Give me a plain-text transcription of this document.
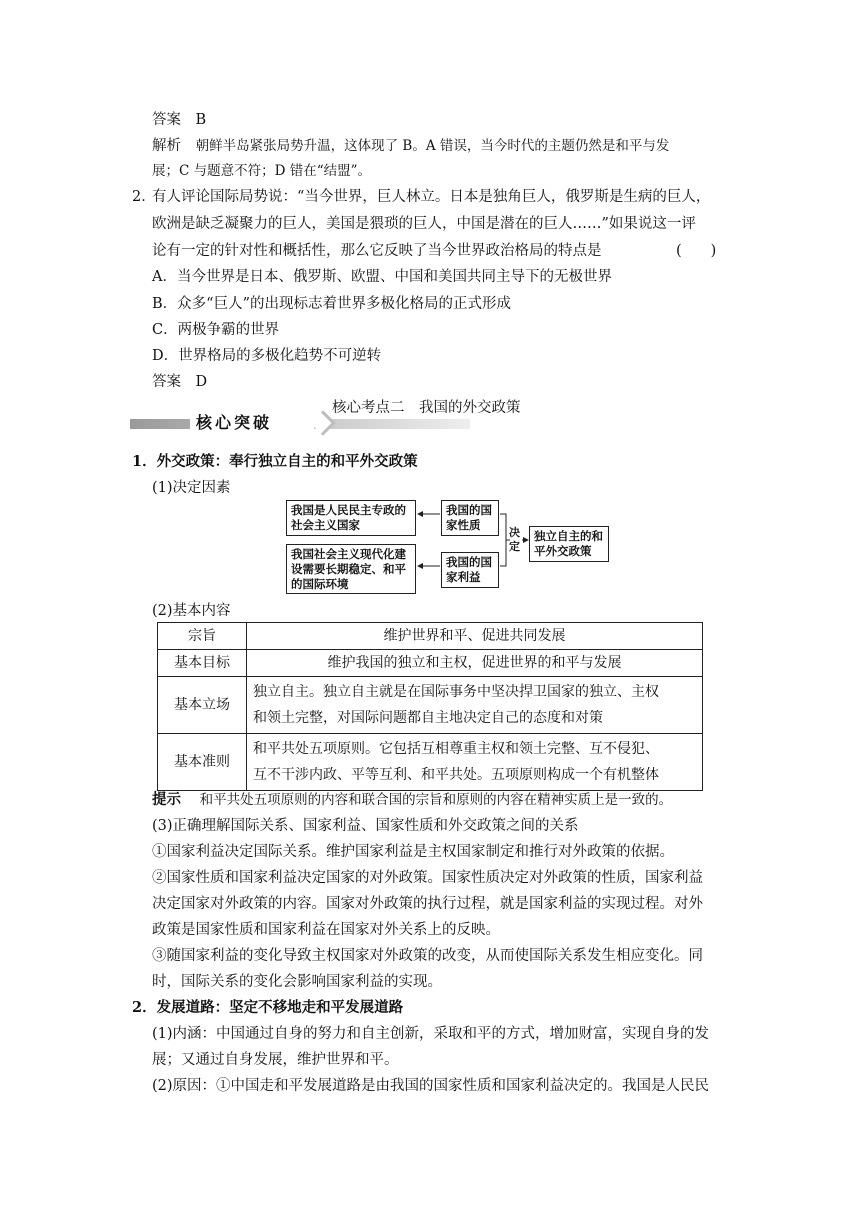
答案　B
解析 朝鲜半岛紧张局势升温，这体现了 B。A 错误，当今时代的主题仍然是和平与发
展；C 与题意不符；D 错在“结盟”。
2．
有人评论国际局势说：“当今世界，巨人林立。日本是独角巨人，俄罗斯是生病的巨人，
欧洲是缺乏凝聚力的巨人，美国是猥琐的巨人，中国是潜在的巨人……”如果说这一评
论有一定的针对性和概括性，那么它反映了当今世界政治格局的特点是	(　　)
A．当今世界是日本、俄罗斯、欧盟、中国和美国共同主导下的无极世界
B．众多“巨人”的出现标志着世界多极化格局的正式形成
C．两极争霸的世界
D．世界格局的多极化趋势不可逆转
答案　D
核心考点二　我国的外交政策
核心突破
1．外交政策：奉行独立自主的和平外交政策
(1)决定因素
我国是人民民主专政的社会主义国家
我国社会主义现代化建设需要长期稳定、和平的国际环境
我国的国家性质
我国的国家利益
决定
独立自主的和平外交政策
(2)基本内容
宗旨	维护世界和平、促进共同发展
基本目标	维护我国的独立和主权，促进世界的和平与发展
基本立场	独立自主。独立自主就是在国际事务中坚决捍卫国家的独立、主权
和领土完整，对国际问题都自主地决定自己的态度和对策

基本准则	和平共处五项原则。它包括互相尊重主权和领土完整、互不侵犯、
互不干涉内政、平等互利、和平共处。五项原则构成一个有机整体
提示 和平共处五项原则的内容和联合国的宗旨和原则的内容在精神实质上是一致的。
(3)正确理解国际关系、国家利益、国家性质和外交政策之间的关系
①国家利益决定国际关系。维护国家利益是主权国家制定和推行对外政策的依据。
②国家性质和国家利益决定国家的对外政策。国家性质决定对外政策的性质，国家利益
决定国家对外政策的内容。国家对外政策的执行过程，就是国家利益的实现过程。对外
政策是国家性质和国家利益在国家对外关系上的反映。
③随国家利益的变化导致主权国家对外政策的改变，从而使国际关系发生相应变化。同
时，国际关系的变化会影响国家利益的实现。
2．发展道路：坚定不移地走和平发展道路
(1)内涵：中国通过自身的努力和自主创新，采取和平的方式，增加财富，实现自身的发
展；又通过自身发展，维护世界和平。
(2)原因：①中国走和平发展道路是由我国的国家性质和国家利益决定的。我国是人民民
